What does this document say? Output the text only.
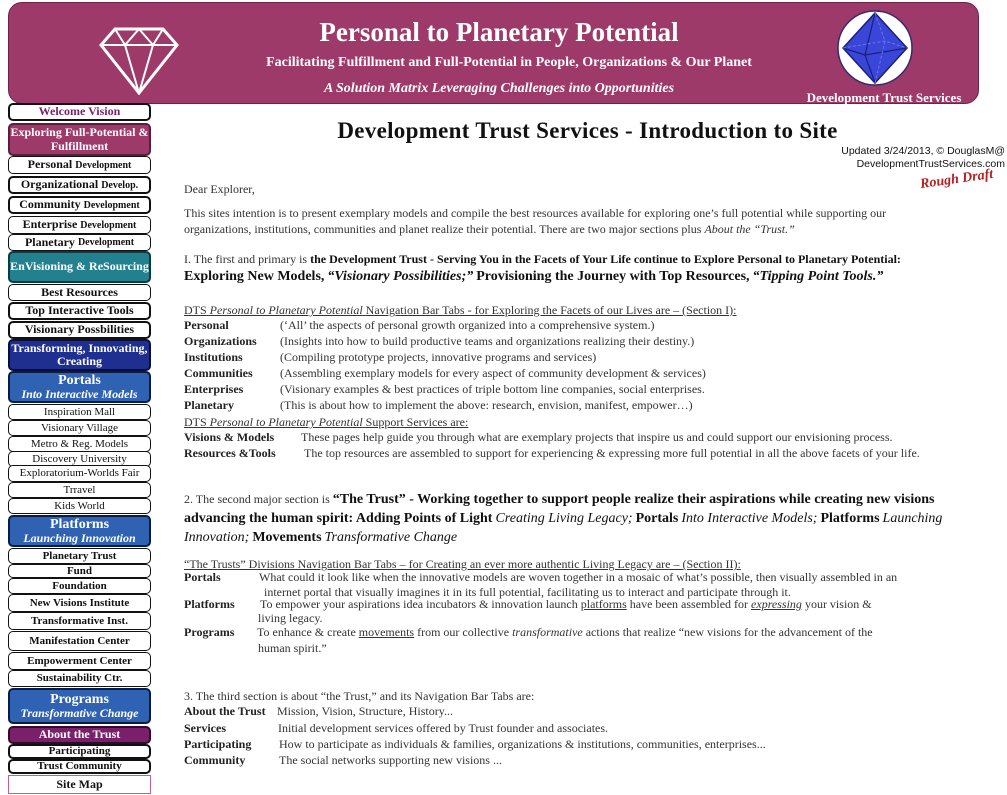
Personal to Planetary Potential
Facilitating Fulfillment and Full-Potential in People, Organizations & Our Planet
A Solution Matrix Leveraging Challenges into Opportunities
Development Trust Services
Welcome Vision
Exploring Full-Potential & Fulfillment
Personal
Development
Organizational
Develop.
Community
Development
Enterprise
Development
Planetary
Development
EnVisioning & ReSourcing
Best Resources
Top Interactive Tools
Visionary Possbilities
Transforming, Innovating, Creating
Portals
Into Interactive Models
Inspiration Mall
Visionary Village
Metro & Reg. Models
Discovery University
Exploratorium-Worlds Fair
Trravel
Kids World
Platforms
Launching Innovation
Planetary Trust
Fund
Foundation
New Visions Institute
Transformative Inst.
Manifestation Center
Empowerment Center
Sustainability Ctr.
Programs
Transformative Change
About the Trust
Participating
Trust Community
Site Map
Development Trust Services - Introduction to Site
Updated 3/24/2013, © DouglasM@
DevelopmentTrustServices.com
Rough Draft
Dear Explorer,
This sites intention is to present exemplary models and compile the best resources available for exploring one’s full potential while supporting our
organizations, institutions, communities and planet realize their potential. There are two major sections plus About the “Trust.”
I. The first and primary is the Development Trust - Serving You in the Facets of Your Life continue to Explore Personal to Planetary Potential:
Exploring New Models, “Visionary Possibilities;” Provisioning the Journey with Top Resources, “Tipping Point Tools.”
DTS Personal to Planetary Potential Navigation Bar Tabs - for Exploring the Facets of our Lives are – (Section I):
Personal	(‘All’ the aspects of personal growth organized into a comprehensive system.)
Organizations (Insights into how to build productive teams and organizations realizing their destiny.)
Institutions	(Compiling prototype projects, innovative programs and services)
Communities (Assembling exemplary models for every aspect of community development & services)
Enterprises	(Visionary examples & best practices of triple bottom line companies, social enterprises.
Planetary	(This is about how to implement the above: research, envision, manifest, empower…)
DTS Personal to Planetary Potential Support Services are:
Visions & Models These pages help guide you through what are exemplary projects that inspire us and could support our envisioning process.
Resources &Tools The top resources are assembled to support for experiencing & expressing more full potential in all the above facets of your life.
2. The second major section is “The Trust” - Working together to support people realize their aspirations while creating new visions
advancing the human spirit: Adding Points of Light Creating Living Legacy; Portals Into Interactive Models; Platforms Launching
Innovation; Movements Transformative Change
“The Trusts” Divisions Navigation Bar Tabs – for Creating an ever more authentic Living Legacy are – (Section II):
Portals	What could it look like when the innovative models are woven together in a mosaic of what’s possible, then visually assembled in an
internet portal that visually imagines it in its full potential, facilitating us to interact and participate through it.
Platforms To empower your aspirations idea incubators & innovation launch platforms have been assembled for expressing your vision &
living legacy.
Programs To enhance & create movements from our collective transformative actions that realize “new visions for the advancement of the
human spirit.”
3. The third section is about “the Trust,” and its Navigation Bar Tabs are:
About the Trust Mission, Vision, Structure, History...
Services	Initial development services offered by Trust founder and associates.
Participating How to participate as individuals & families, organizations & institutions, communities, enterprises...
Community	The social networks supporting new visions ...
